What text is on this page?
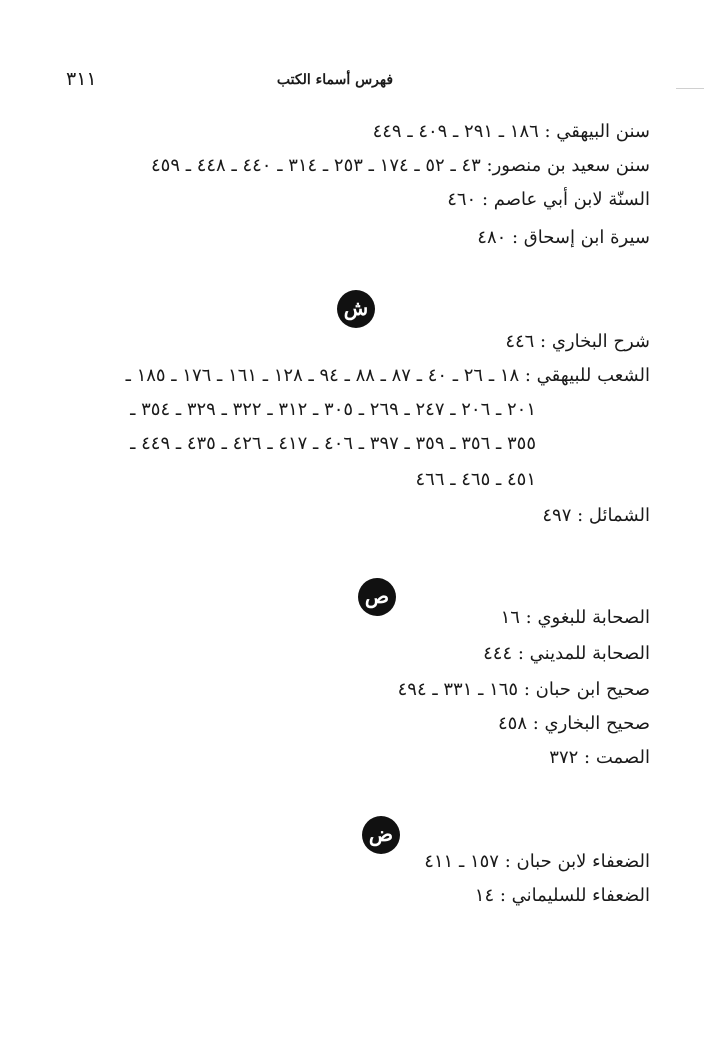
٣١١	فهرس أسماء الكتب
سنن البيهقي : ١٨٦ ـ ٢٩١ ـ ٤٠٩ ـ ٤٤٩
سنن سعيد بن منصور: ٤٣ ـ ٥٢ ـ ١٧٤ ـ ٢٥٣ ـ ٣١٤ ـ ٤٤٠ ـ ٤٤٨ ـ ٤٥٩
السنّة لابن أبي عاصم : ٤٦٠
سيرة ابن إسحاق : ٤٨٠
ش
شرح البخاري : ٤٤٦
الشعب للبيهقي : ١٨ ـ ٢٦ ـ ٤٠ ـ ٨٧ ـ ٨٨ ـ ٩٤ ـ ١٢٨ ـ ١٦١ ـ ١٧٦ ـ ١٨٥ ـ
٢٠١ ـ ٢٠٦ ـ ٢٤٧ ـ ٢٦٩ ـ ٣٠٥ ـ ٣١٢ ـ ٣٢٢ ـ ٣٢٩ ـ ٣٥٤ ـ
٣٥٥ ـ ٣٥٦ ـ ٣٥٩ ـ ٣٩٧ ـ ٤٠٦ ـ ٤١٧ ـ ٤٢٦ ـ ٤٣٥ ـ ٤٤٩ ـ
٤٥١ ـ ٤٦٥ ـ ٤٦٦
الشمائل : ٤٩٧
ص
الصحابة للبغوي : ١٦
الصحابة للمديني : ٤٤٤
صحيح ابن حبان : ١٦٥ ـ ٣٣١ ـ ٤٩٤
صحيح البخاري : ٤٥٨
الصمت : ٣٧٢
ض
الضعفاء لابن حبان : ١٥٧ ـ ٤١١
الضعفاء للسليماني : ١٤
